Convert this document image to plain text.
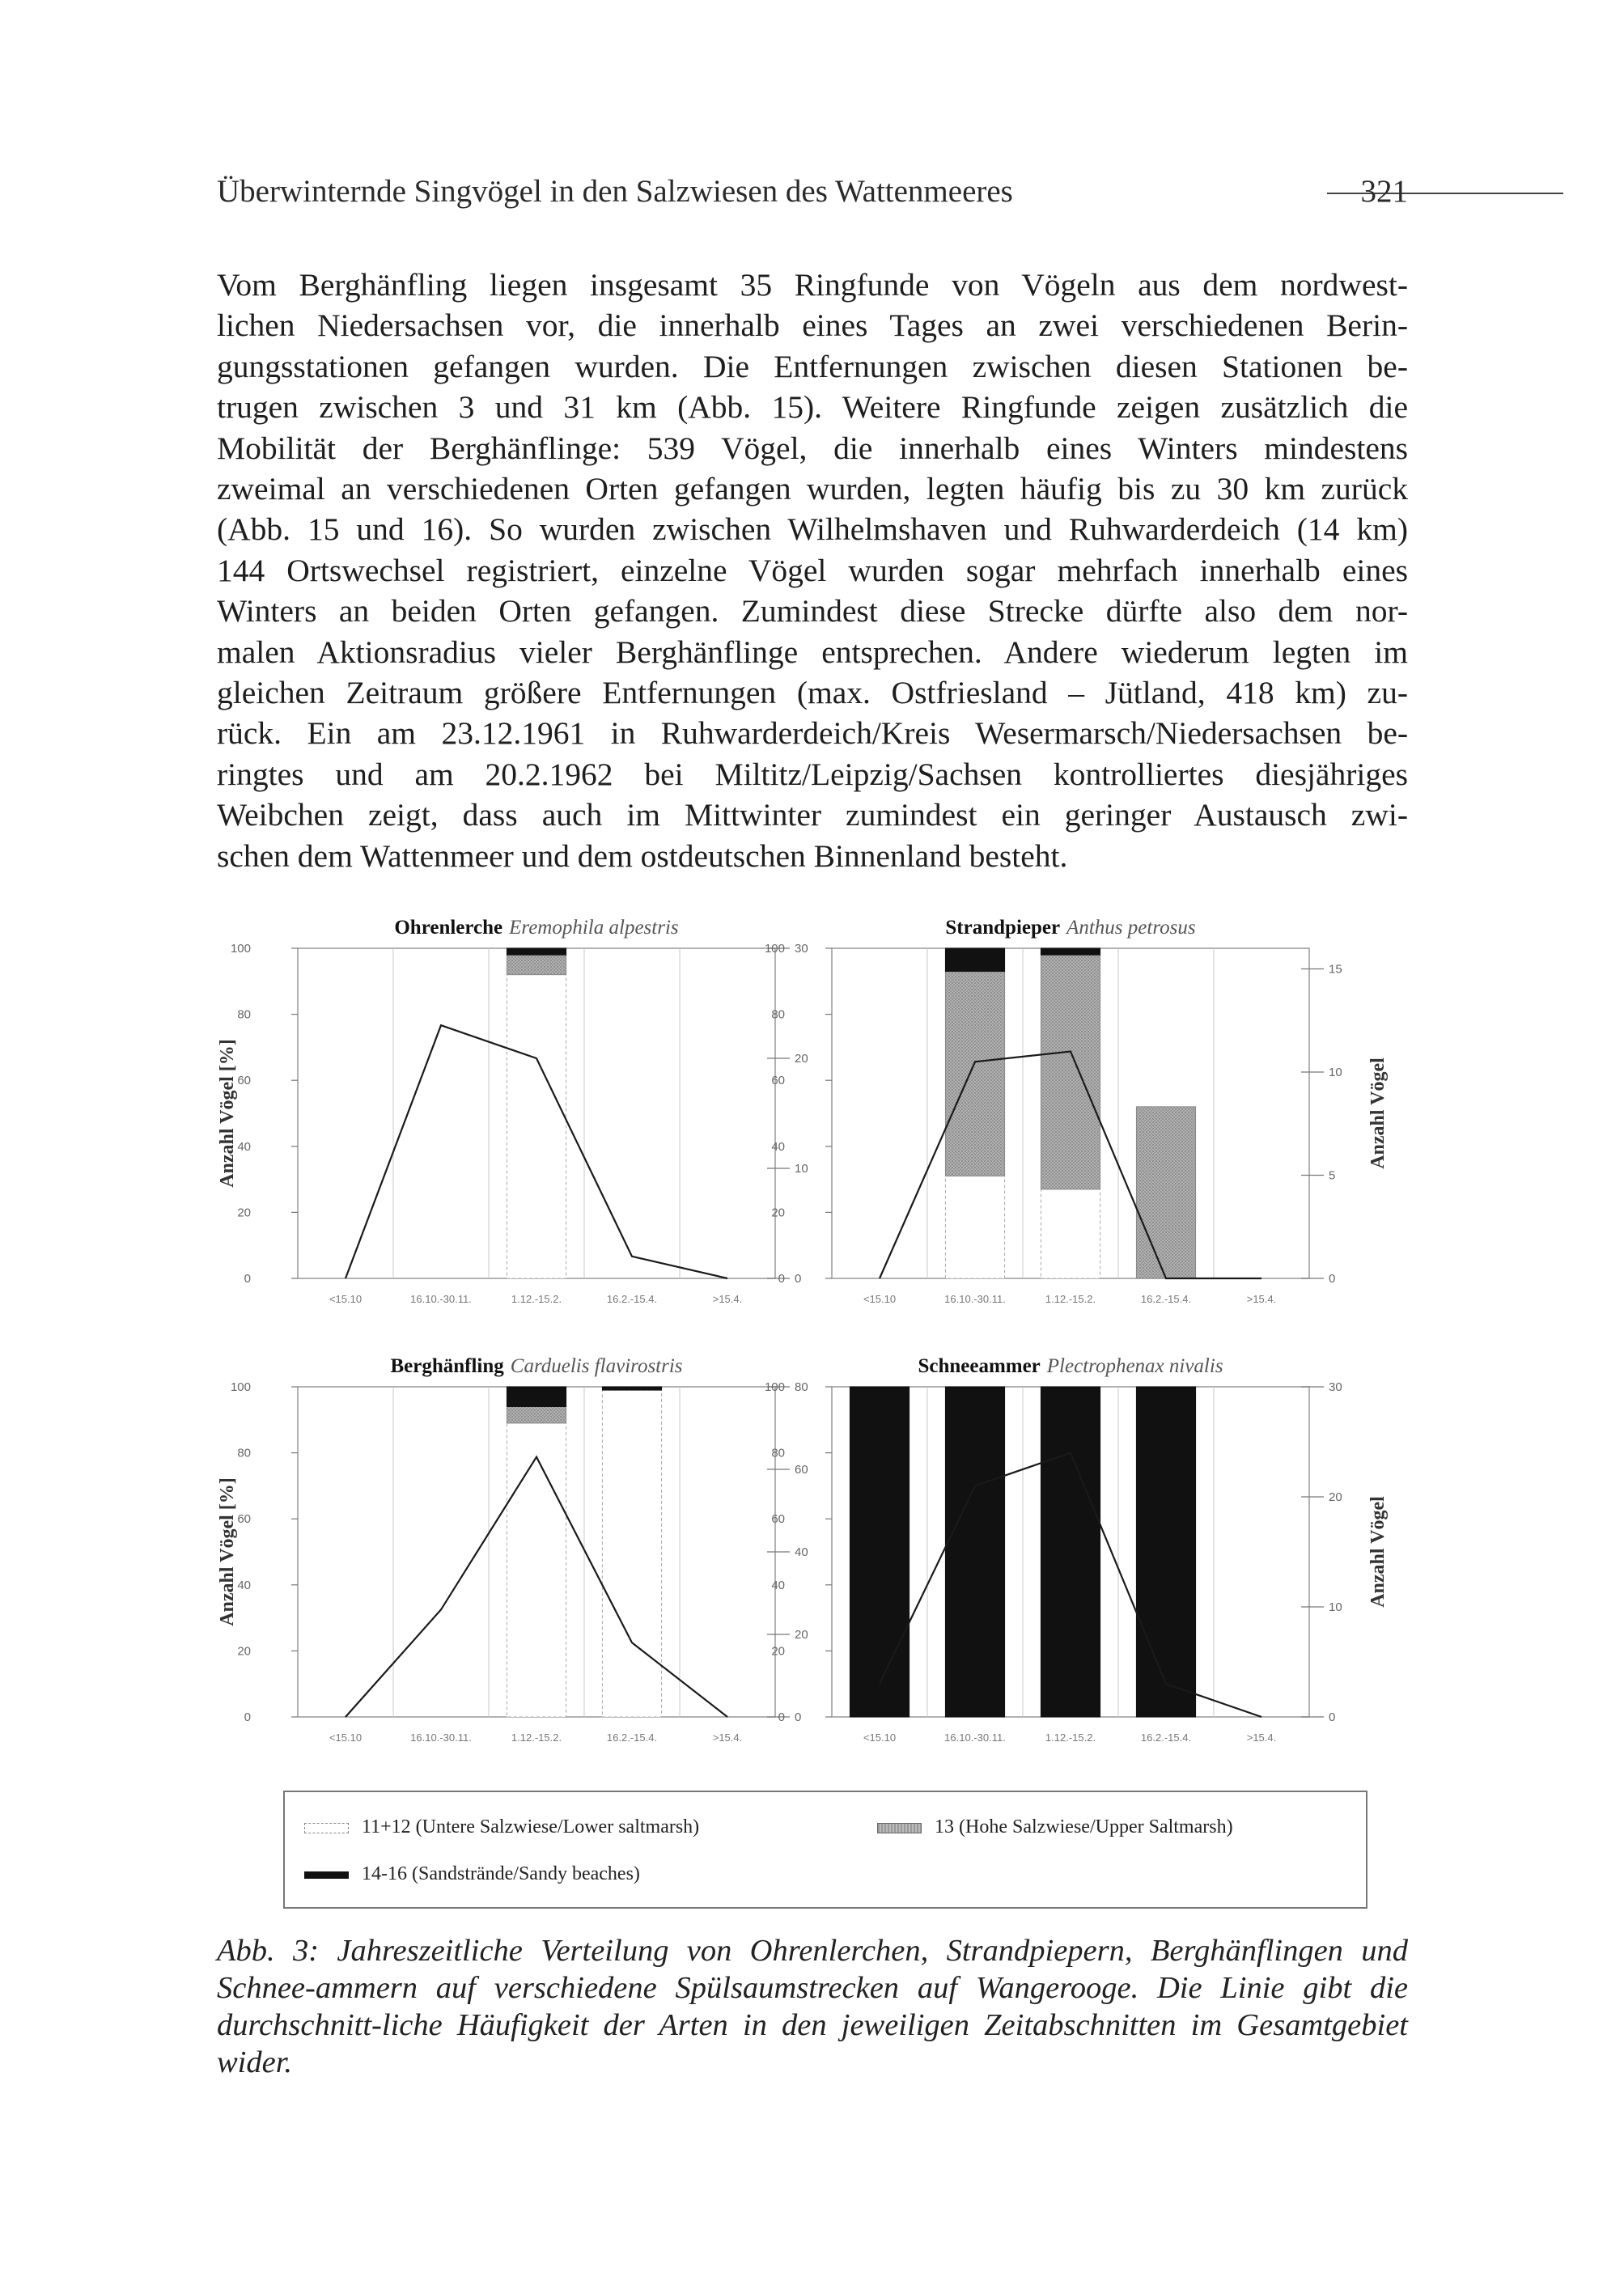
Überwinternde Singvögel in den Salzwiesen des Wattenmeeres	321

Vom Berghänfling liegen insgesamt 35 Ringfunde von Vögeln aus dem nordwest-
lichen Niedersachsen vor, die innerhalb eines Tages an zwei verschiedenen Berin-
gungsstationen gefangen wurden. Die Entfernungen zwischen diesen Stationen be-
trugen zwischen 3 und 31 km (Abb. 15). Weitere Ringfunde zeigen zusätzlich die
Mobilität der Berghänflinge: 539 Vögel, die innerhalb eines Winters mindestens
zweimal an verschiedenen Orten gefangen wurden, legten häufig bis zu 30 km zurück
(Abb. 15 und 16). So wurden zwischen Wilhelmshaven und Ruhwarderdeich (14 km)
144 Ortswechsel registriert, einzelne Vögel wurden sogar mehrfach innerhalb eines
Winters an beiden Orten gefangen. Zumindest diese Strecke dürfte also dem nor-
malen Aktionsradius vieler Berghänflinge entsprechen. Andere wiederum legten im
gleichen Zeitraum größere Entfernungen (max. Ostfriesland – Jütland, 418 km) zu-
rück. Ein am 23.12.1961 in Ruhwarderdeich/Kreis Wesermarsch/Niedersachsen be-
ringtes und am 20.2.1962 bei Miltitz/Leipzig/Sachsen kontrolliertes diesjähriges
Weibchen zeigt, dass auch im Mittwinter zumindest ein geringer Austausch zwi-
schen dem Wattenmeer und dem ostdeutschen Binnenland besteht.

Ohrenlerche Eremophila alpestris
0
20
40
60
80
100
0
10
20
30
<15.10	16.10.-30.11.	1.12.-15.2.	16.2.-15.4.	>15.4.
Anzahl Vögel [%]
Strandpieper Anthus petrosus
0
20
40
60
80
100
0
5
10
15
<15.10	16.10.-30.11.	1.12.-15.2.	16.2.-15.4.	>15.4.
Anzahl Vögel
Berghänfling Carduelis flavirostris
0
20
40
60
80
100
0
20
40
60
80
<15.10	16.10.-30.11.	1.12.-15.2.	16.2.-15.4.	>15.4.
Anzahl Vögel [%]
Schneeammer Plectrophenax nivalis
0
20
40
60
80
100
0
10
20
30
<15.10	16.10.-30.11.	1.12.-15.2.	16.2.-15.4.	>15.4.
Anzahl Vögel
11+12 (Untere Salzwiese/Lower saltmarsh)	13 (Hohe Salzwiese/Upper Saltmarsh)
14-16 (Sandstrände/Sandy beaches)

Abb. 3: Jahreszeitliche Verteilung von Ohrenlerchen, Strandpiepern, Berghänflingen und Schnee-ammern auf verschiedene Spülsaumstrecken auf Wangerooge. Die Linie gibt die durchschnitt-liche Häufigkeit der Arten in den jeweiligen Zeitabschnitten im Gesamtgebiet wider.
